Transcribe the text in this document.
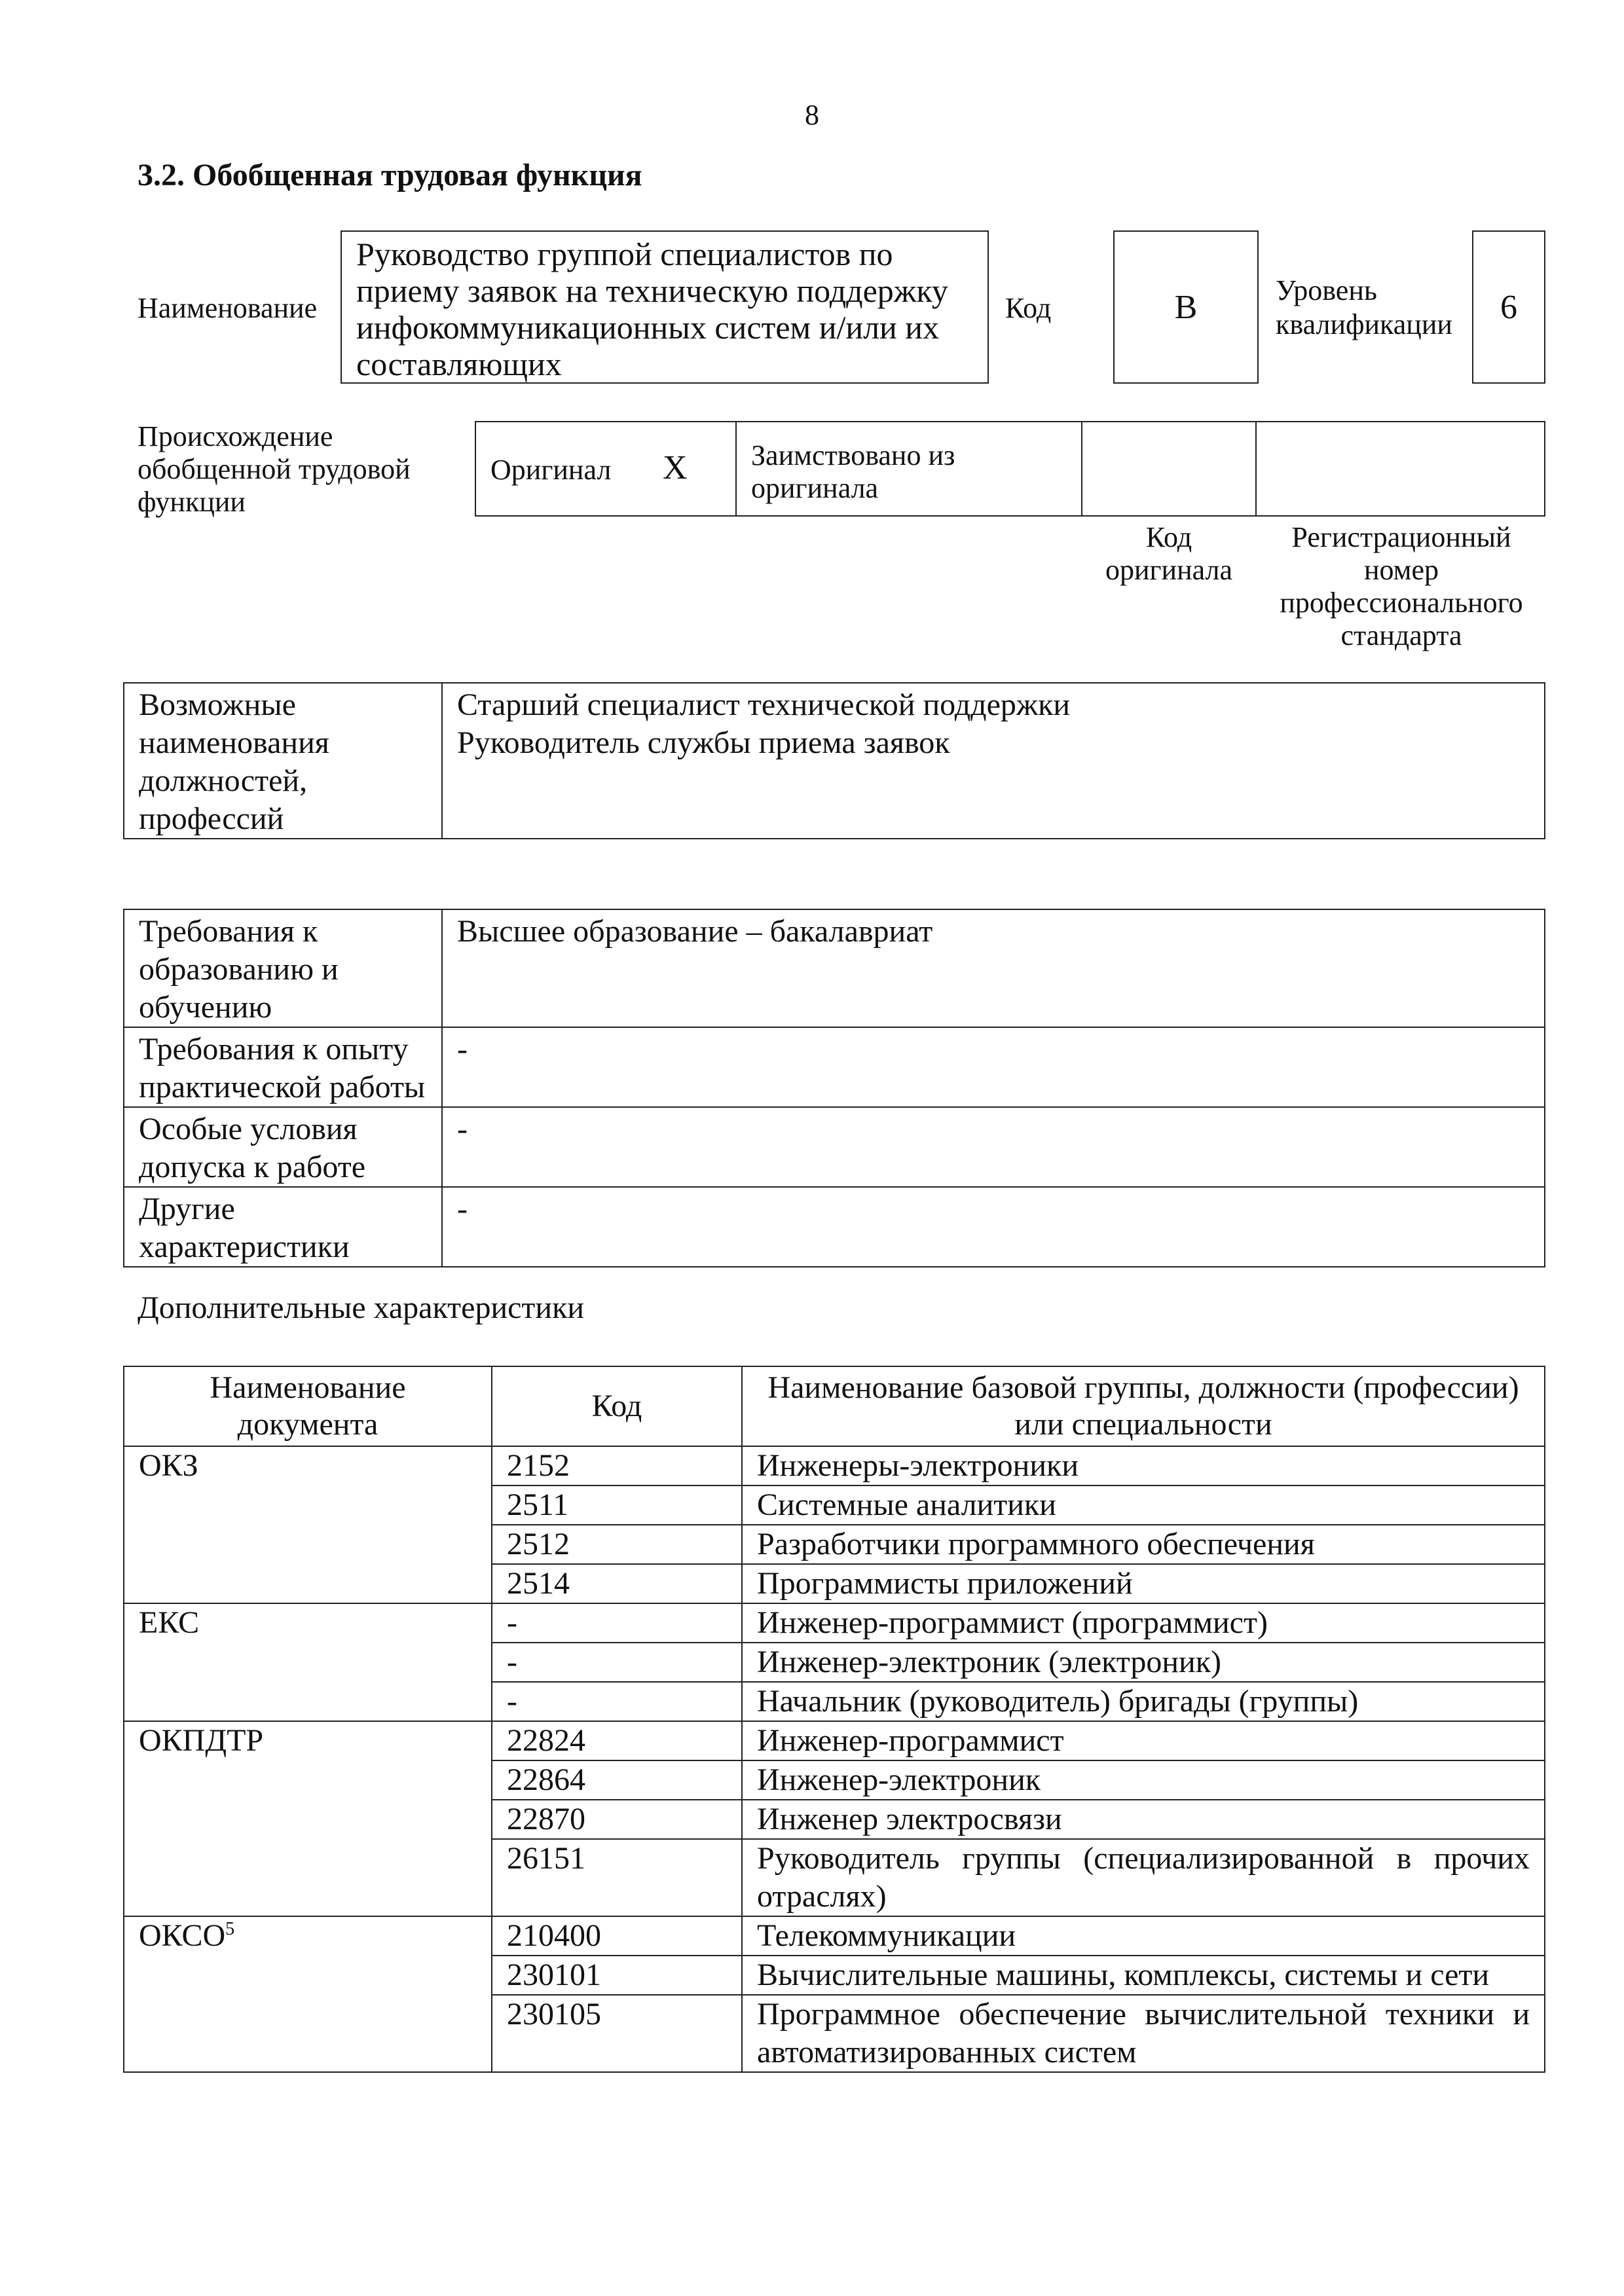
8
3.2. Обобщенная трудовая функция
Наименование
Руководство группой специалистов по приему заявок на техническую поддержку инфокоммуникационных систем и/или их составляющих
Код	B	Уровень квалификации 6
Происхождение обобщенной трудовой функции
Оригинал X	Заимствовано из оригинала
Код оригинала
Регистрационный номер профессионального стандарта
Возможные наименования должностей, профессий	
Старший специалист технической поддержки
Руководитель службы приема заявок
Требования к образованию и обучению	Высшее образование – бакалавриат
Требования к опыту практической работы	-
Особые условия допуска к работе	-
Другие характеристики	-
Дополнительные характеристики
Наименование документа	Код	Наименование базовой группы, должности (профессии) или специальности
ОКЗ	2152	Инженеры-электроники
	2511	Системные аналитики
	2512	Разработчики программного обеспечения
	2514	Программисты приложений
ЕКС	-	Инженер-программист (программист)
	-	Инженер-электроник (электроник)
	-	Начальник (руководитель) бригады (группы)
ОКПДТР	22824	Инженер-программист
	22864	Инженер-электроник
	22870	Инженер электросвязи
	26151	Руководитель группы (специализированной в прочих отраслях)
ОКСО$^5$	210400	Телекоммуникации
	230101	Вычислительные машины, комплексы, системы и сети
	230105	Программное обеспечение вычислительной техники и автоматизированных систем
